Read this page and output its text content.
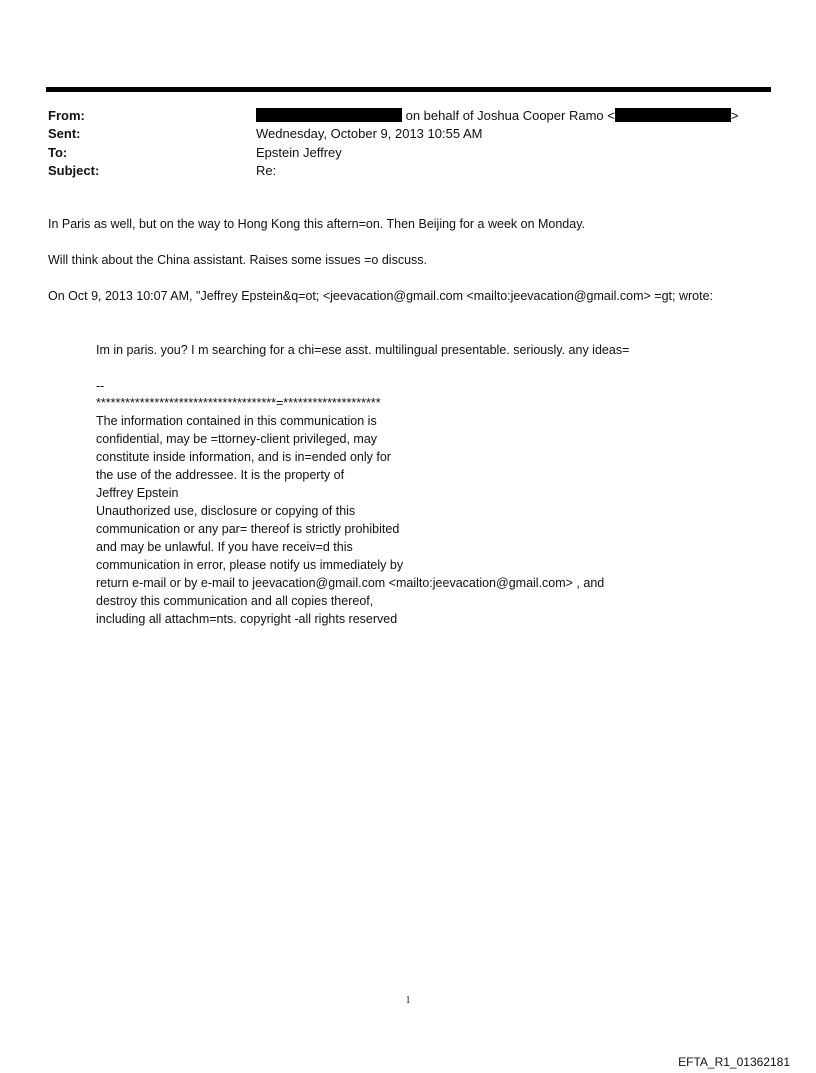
From:	on behalf of Joshua Cooper Ramo <	>
Sent:	Wednesday, October 9, 2013 10:55 AM
To:	Epstein Jeffrey
Subject:	Re:
In Paris as well, but on the way to Hong Kong this aftern=on. Then Beijing for a week on Monday.
Will think about the China assistant. Raises some issues =o discuss.
On Oct 9, 2013 10:07 AM, "Jeffrey Epstein&q=ot; <jeevacation@gmail.com <mailto:jeevacation@gmail.com> =gt; wrote:
Im in paris. you? I m searching for a chi=ese asst. multilingual presentable. seriously. any ideas=
--
*************************************=********************
The information contained in this communication is
confidential, may be =ttorney-client privileged, may
constitute inside information, and is in=ended only for
the use of the addressee. It is the property of
Jeffrey Epstein
Unauthorized use, disclosure or copying of this
communication or any par= thereof is strictly prohibited
and may be unlawful. If you have receiv=d this
communication in error, please notify us immediately by
return e-mail or by e-mail to jeevacation@gmail.com <mailto:jeevacation@gmail.com> , and
destroy this communication and all copies thereof,
including all attachm=nts. copyright -all rights reserved
1
EFTA_R1_01362181
